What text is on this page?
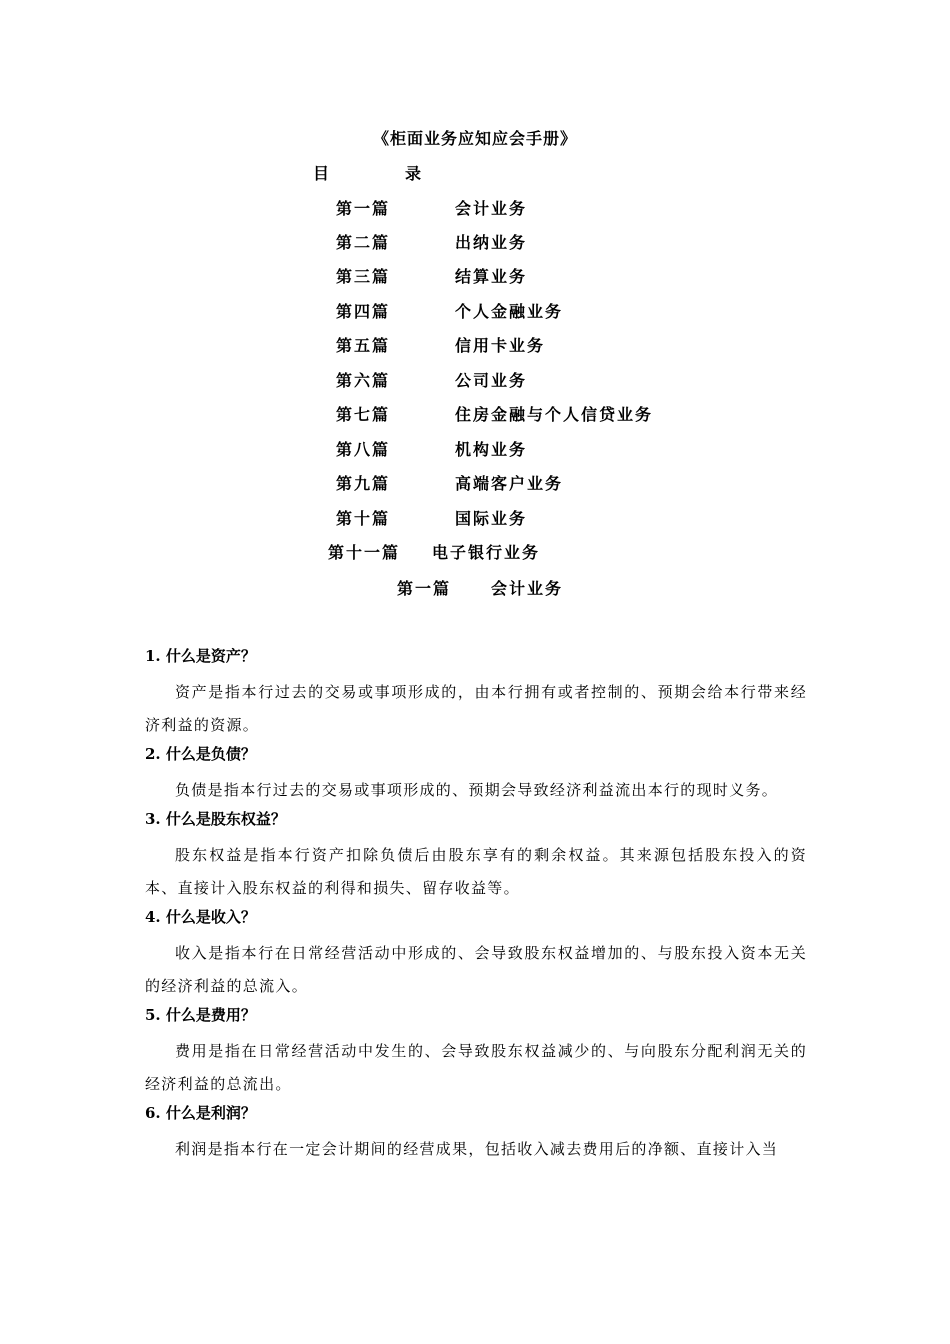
《柜面业务应知应会手册》
目　录
第一篇	会计业务
第二篇	出纳业务
第三篇	结算业务
第四篇	个人金融业务
第五篇	信用卡业务
第六篇	公司业务
第七篇	住房金融与个人信贷业务
第八篇	机构业务
第九篇	高端客户业务
第十篇	国际业务
第十一篇 电子银行业务
第一篇	会计业务
1. 什么是资产？
资产是指本行过去的交易或事项形成的，由本行拥有或者控制的、预期会给本行带来经济利益的资源。
2. 什么是负债？
负债是指本行过去的交易或事项形成的、预期会导致经济利益流出本行的现时义务。
3. 什么是股东权益？
股东权益是指本行资产扣除负债后由股东享有的剩余权益。其来源包括股东投入的资本、直接计入股东权益的利得和损失、留存收益等。
4. 什么是收入？
收入是指本行在日常经营活动中形成的、会导致股东权益增加的、与股东投入资本无关的经济利益的总流入。
5. 什么是费用？
费用是指在日常经营活动中发生的、会导致股东权益减少的、与向股东分配利润无关的经济利益的总流出。
6. 什么是利润？
利润是指本行在一定会计期间的经营成果，包括收入减去费用后的净额、直接计入当
